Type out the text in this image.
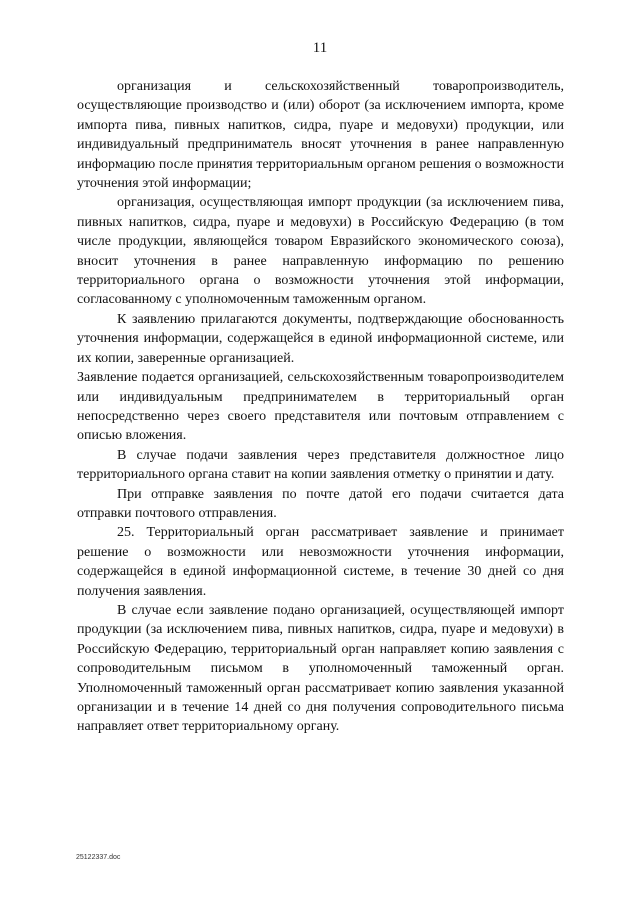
11

организация и сельскохозяйственный товаропроизводитель, осуществляющие производство и (или) оборот (за исключением импорта, кроме импорта пива, пивных напитков, сидра, пуаре и медовухи) продукции, или индивидуальный предприниматель вносят уточнения в ранее направленную информацию после принятия территориальным органом решения о возможности уточнения этой информации;

организация, осуществляющая импорт продукции (за исключением пива, пивных напитков, сидра, пуаре и медовухи) в Российскую Федерацию (в том числе продукции, являющейся товаром Евразийского экономического союза), вносит уточнения в ранее направленную информацию по решению территориального органа о возможности уточнения этой информации, согласованному с уполномоченным таможенным органом.

К заявлению прилагаются документы, подтверждающие обоснованность уточнения информации, содержащейся в единой информационной системе, или их копии, заверенные организацией.

Заявление подается организацией, сельскохозяйственным товаропроизводителем или индивидуальным предпринимателем в территориальный орган непосредственно через своего представителя или почтовым отправлением с описью вложения.

В случае подачи заявления через представителя должностное лицо территориального органа ставит на копии заявления отметку о принятии и дату.

При отправке заявления по почте датой его подачи считается дата отправки почтового отправления.

25. Территориальный орган рассматривает заявление и принимает решение о возможности или невозможности уточнения информации, содержащейся в единой информационной системе, в течение 30 дней со дня получения заявления.

В случае если заявление подано организацией, осуществляющей импорт продукции (за исключением пива, пивных напитков, сидра, пуаре и медовухи) в Российскую Федерацию, территориальный орган направляет копию заявления с сопроводительным письмом в уполномоченный таможенный орган. Уполномоченный таможенный орган рассматривает копию заявления указанной организации и в течение 14 дней со дня получения сопроводительного письма направляет ответ территориальному органу.

25122337.doc
